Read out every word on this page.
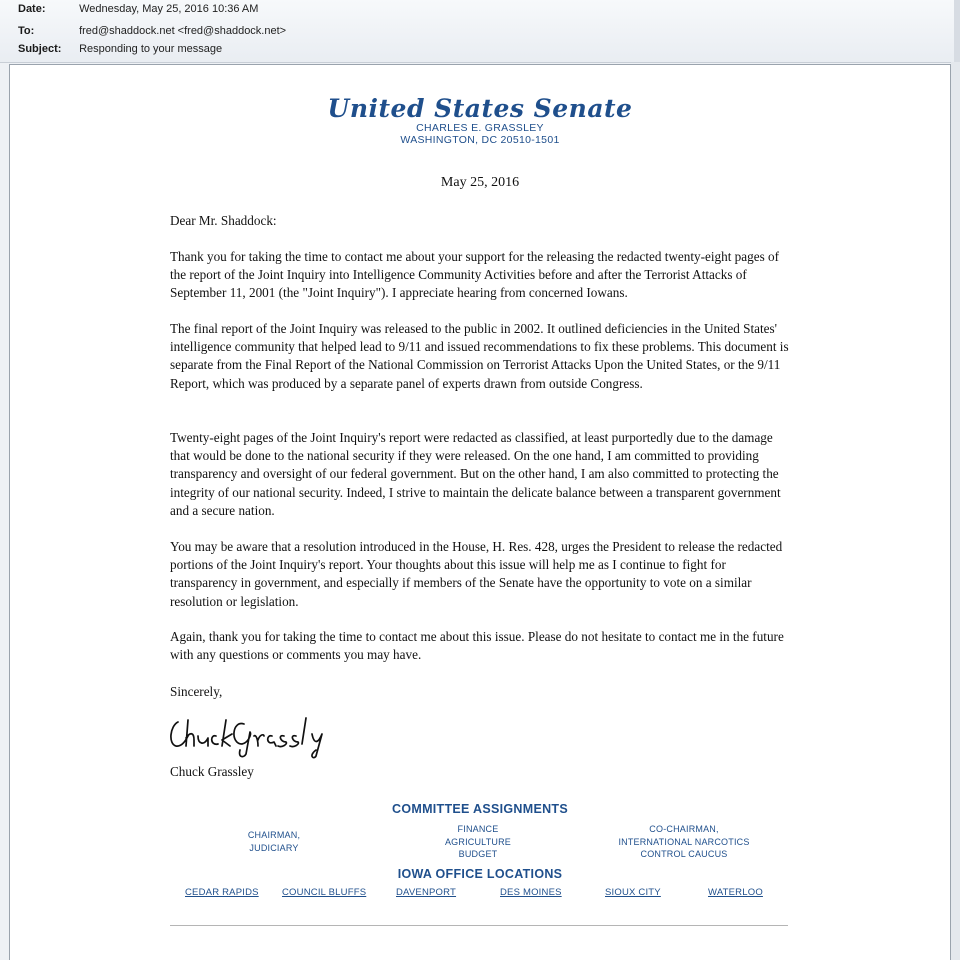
Date:	Wednesday, May 25, 2016 10:36 AM
To:	fred@shaddock.net <fred@shaddock.net>
Subject: Responding to your message
United States Senate
CHARLES E. GRASSLEY
WASHINGTON, DC 20510-1501
May 25, 2016
Dear Mr. Shaddock:
Thank you for taking the time to contact me about your support for the releasing the redacted twenty-eight pages of the report of the Joint Inquiry into Intelligence Community Activities before and after the Terrorist Attacks of September 11, 2001 (the "Joint Inquiry"). I appreciate hearing from concerned Iowans.
The final report of the Joint Inquiry was released to the public in 2002. It outlined deficiencies in the United States' intelligence community that helped lead to 9/11 and issued recommendations to fix these problems. This document is separate from the Final Report of the National Commission on Terrorist Attacks Upon the United States, or the 9/11 Report, which was produced by a separate panel of experts drawn from outside Congress.
Twenty-eight pages of the Joint Inquiry's report were redacted as classified, at least purportedly due to the damage that would be done to the national security if they were released. On the one hand, I am committed to providing transparency and oversight of our federal government. But on the other hand, I am also committed to protecting the integrity of our national security. Indeed, I strive to maintain the delicate balance between a transparent government and a secure nation.
You may be aware that a resolution introduced in the House, H. Res. 428, urges the President to release the redacted portions of the Joint Inquiry's report. Your thoughts about this issue will help me as I continue to fight for transparency in government, and especially if members of the Senate have the opportunity to vote on a similar resolution or legislation.
Again, thank you for taking the time to contact me about this issue. Please do not hesitate to contact me in the future with any questions or comments you may have.
Sincerely,
Chuck Grassley
COMMITTEE ASSIGNMENTS
CHAIRMAN,
JUDICIARY
FINANCE
AGRICULTURE
BUDGET
CO-CHAIRMAN,
INTERNATIONAL NARCOTICS
CONTROL CAUCUS
IOWA OFFICE LOCATIONS
CEDAR RAPIDS COUNCIL BLUFFS	DAVENPORT	DES MOINES	SIOUX CITY	WATERLOO
